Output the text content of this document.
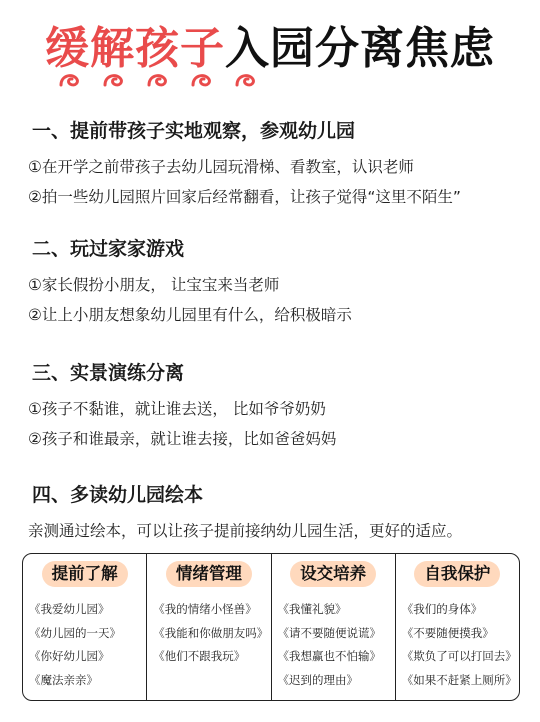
缓解孩子入园分离焦虑
一、提前带孩子实地观察，参观幼儿园
①在开学之前带孩子去幼儿园玩滑梯、看教室，认识老师
②拍一些幼儿园照片回家后经常翻看，让孩子觉得“这里不陌生”
二、玩过家家游戏
①家长假扮小朋友， 让宝宝来当老师
②让上小朋友想象幼儿园里有什么，给积极暗示
三、实景演练分离
①孩子不黏谁，就让谁去送， 比如爷爷奶奶
②孩子和谁最亲，就让谁去接，比如爸爸妈妈
四、多读幼儿园绘本
亲测通过绘本，可以让孩子提前接纳幼儿园生活，更好的适应。
提前了解
《我爱幼儿园》
《幼儿园的一天》
《你好幼儿园》
《魔法亲亲》
情绪管理
《我的情绪小怪兽》
《我能和你做朋友吗》
《他们不跟我玩》
设交培养
《我懂礼貌》
《请不要随便说谎》
《我想赢也不怕输》
《迟到的理由》
自我保护
《我们的身体》
《不要随便摸我》
《欺负了可以打回去》
《如果不赶紧上厕所》
